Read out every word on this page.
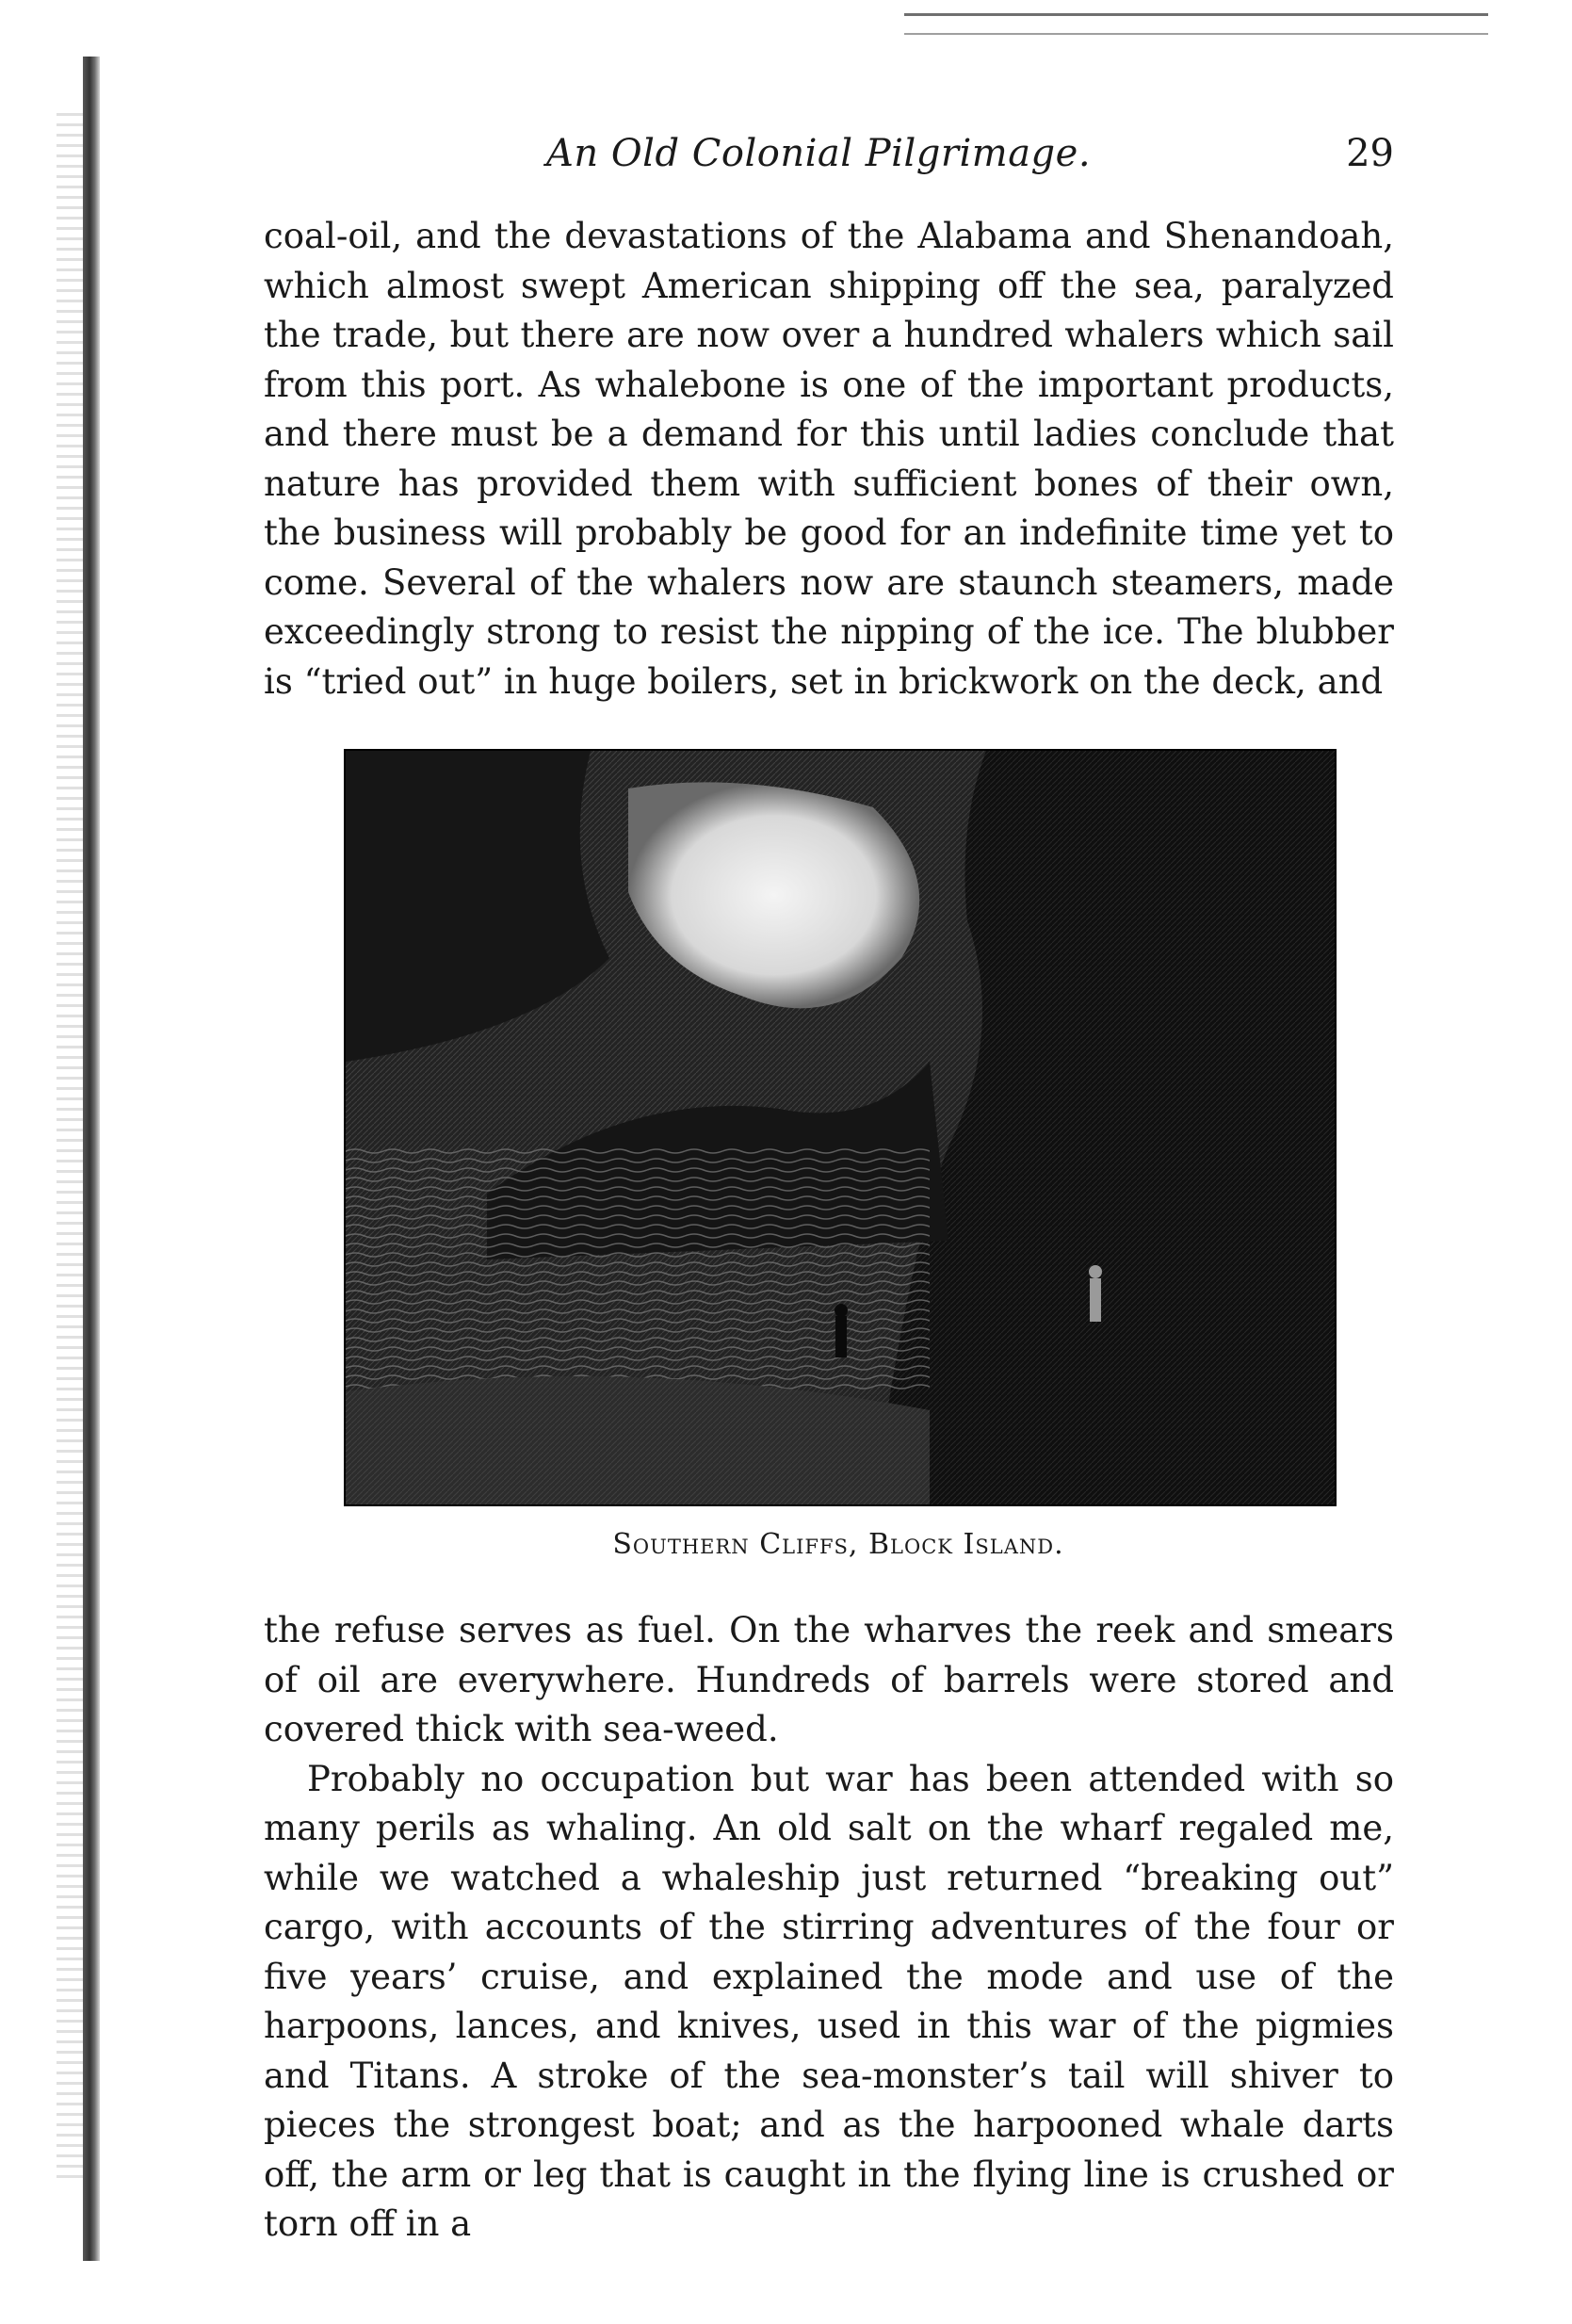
An Old Colonial Pilgrimage.	29

coal-oil, and the devastations of the Alabama and Shenandoah, which almost swept American shipping off the sea, paralyzed the trade, but there are now over a hundred whalers which sail from this port. As whalebone is one of the important products, and there must be a demand for this until ladies conclude that nature has provided them with sufficient bones of their own, the business will probably be good for an indefinite time yet to come. Several of the whalers now are staunch steamers, made exceedingly strong to resist the nipping of the ice. The blubber is “tried out” in huge boilers, set in brickwork on the deck, and

Southern Cliffs, Block Island.

the refuse serves as fuel. On the wharves the reek and smears of oil are everywhere. Hundreds of barrels were stored and covered thick with sea-weed.

Probably no occupation but war has been attended with so many perils as whaling. An old salt on the wharf regaled me, while we watched a whaleship just returned “breaking out” cargo, with accounts of the stirring adventures of the four or five years’ cruise, and explained the mode and use of the harpoons, lances, and knives, used in this war of the pigmies and Titans. A stroke of the sea-monster’s tail will shiver to pieces the strongest boat; and as the harpooned whale darts off, the arm or leg that is caught in the flying line is crushed or torn off in a
